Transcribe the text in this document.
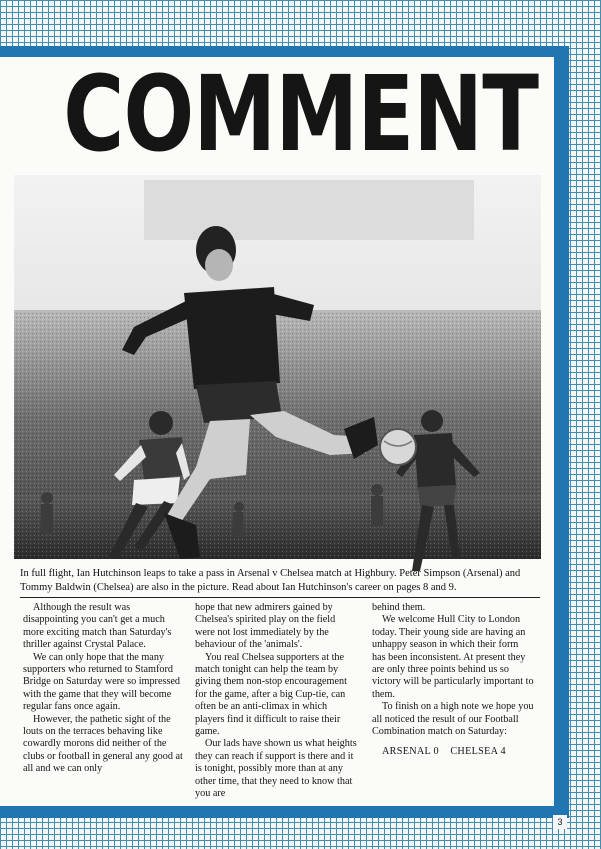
COMMENT

In full flight, Ian Hutchinson leaps to take a pass in Arsenal v Chelsea match at Highbury. Peter Simpson (Arsenal) and Tommy Baldwin (Chelsea) are also in the picture. Read about Ian Hutchinson's career on pages 8 and 9.

Although the result was disappointing you can't get a much more exciting match than Saturday's thriller against Crystal Palace.

We can only hope that the many supporters who returned to Stamford Bridge on Saturday were so impressed with the game that they will become regular fans once again.

However, the pathetic sight of the louts on the terraces behaving like cowardly morons did neither of the clubs or football in general any good at all and we can only

hope that new admirers gained by Chelsea's spirited play on the field were not lost immediately by the behaviour of the 'animals'.

You real Chelsea supporters at the match tonight can help the team by giving them non-stop encouragement for the game, after a big Cup-tie, can often be an anti-climax in which players find it difficult to raise their game.

Our lads have shown us what heights they can reach if support is there and it is tonight, possibly more than at any other time, that they need to know that you are

behind them.

We welcome Hull City to London today. Their young side are having an unhappy season in which their form has been inconsistent. At present they are only three points behind us so victory will be particularly important to them.

To finish on a high note we hope you all noticed the result of our Football Combination match on Saturday:

ARSENAL 0    CHELSEA 4

3
